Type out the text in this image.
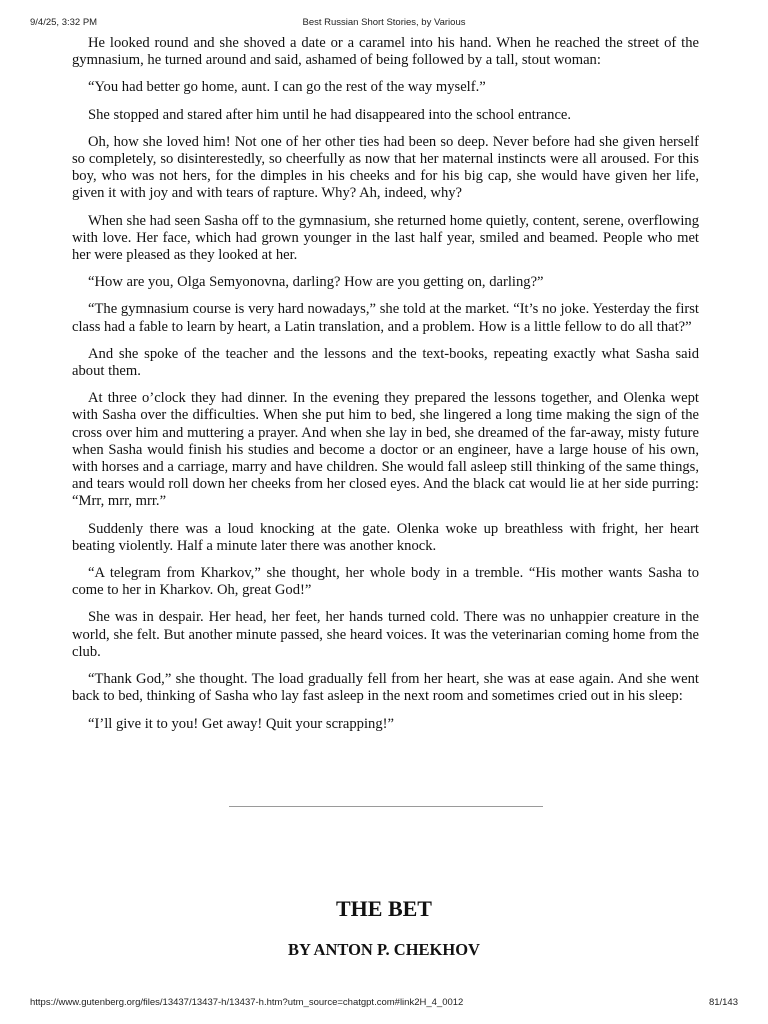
9/4/25, 3:32 PM	Best Russian Short Stories, by Various

He looked round and she shoved a date or a caramel into his hand. When he reached the street of the gymnasium, he turned around and said, ashamed of being followed by a tall, stout woman:

“You had better go home, aunt. I can go the rest of the way myself.”

She stopped and stared after him until he had disappeared into the school entrance.

Oh, how she loved him! Not one of her other ties had been so deep. Never before had she given herself so completely, so disinterestedly, so cheerfully as now that her maternal instincts were all aroused. For this boy, who was not hers, for the dimples in his cheeks and for his big cap, she would have given her life, given it with joy and with tears of rapture. Why? Ah, indeed, why?

When she had seen Sasha off to the gymnasium, she returned home quietly, content, serene, overflowing with love. Her face, which had grown younger in the last half year, smiled and beamed. People who met her were pleased as they looked at her.

“How are you, Olga Semyonovna, darling? How are you getting on, darling?”

“The gymnasium course is very hard nowadays,” she told at the market. “It’s no joke. Yesterday the first class had a fable to learn by heart, a Latin translation, and a problem. How is a little fellow to do all that?”

And she spoke of the teacher and the lessons and the text-books, repeating exactly what Sasha said about them.

At three o’clock they had dinner. In the evening they prepared the lessons together, and Olenka wept with Sasha over the difficulties. When she put him to bed, she lingered a long time making the sign of the cross over him and muttering a prayer. And when she lay in bed, she dreamed of the far-away, misty future when Sasha would finish his studies and become a doctor or an engineer, have a large house of his own, with horses and a carriage, marry and have children. She would fall asleep still thinking of the same things, and tears would roll down her cheeks from her closed eyes. And the black cat would lie at her side purring: “Mrr, mrr, mrr.”

Suddenly there was a loud knocking at the gate. Olenka woke up breathless with fright, her heart beating violently. Half a minute later there was another knock.

“A telegram from Kharkov,” she thought, her whole body in a tremble. “His mother wants Sasha to come to her in Kharkov. Oh, great God!”

She was in despair. Her head, her feet, her hands turned cold. There was no unhappier creature in the world, she felt. But another minute passed, she heard voices. It was the veterinarian coming home from the club.

“Thank God,” she thought. The load gradually fell from her heart, she was at ease again. And she went back to bed, thinking of Sasha who lay fast asleep in the next room and sometimes cried out in his sleep:

“I’ll give it to you! Get away! Quit your scrapping!”

THE BET
BY ANTON P. CHEKHOV
https://www.gutenberg.org/files/13437/13437-h/13437-h.htm?utm_source=chatgpt.com#link2H_4_0012	81/143
